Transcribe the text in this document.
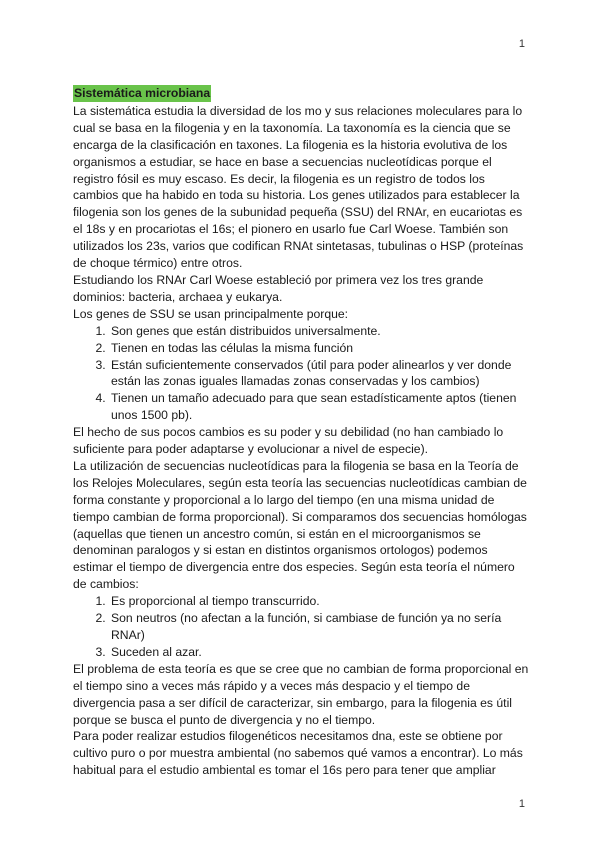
1
Sistemática microbiana

La sistemática estudia la diversidad de los mo y sus relaciones moleculares para lo cual se basa en la filogenia y en la taxonomía. La taxonomía es la ciencia que se encarga de la clasificación en taxones. La filogenia es la historia evolutiva de los organismos a estudiar, se hace en base a secuencias nucleotídicas porque el registro fósil es muy escaso. Es decir, la filogenia es un registro de todos los cambios que ha habido en toda su historia. Los genes utilizados para establecer la filogenia son los genes de la subunidad pequeña (SSU) del RNAr, en eucariotas es el 18s y en procariotas el 16s; el pionero en usarlo fue Carl Woese. También son utilizados los 23s, varios que codifican RNAt sintetasas, tubulinas o HSP (proteínas de choque térmico) entre otros.

Estudiando los RNAr Carl Woese estableció por primera vez los tres grande dominios: bacteria, archaea y eukarya.

Los genes de SSU se usan principalmente porque:

1. Son genes que están distribuidos universalmente.
2. Tienen en todas las células la misma función
3. Están suficientemente conservados (útil para poder alinearlos y ver donde están las zonas iguales llamadas zonas conservadas y los cambios)
4. Tienen un tamaño adecuado para que sean estadísticamente aptos (tienen unos 1500 pb).

El hecho de sus pocos cambios es su poder y su debilidad (no han cambiado lo suficiente para poder adaptarse y evolucionar a nivel de especie).

La utilización de secuencias nucleotídicas para la filogenia se basa en la Teoría de los Relojes Moleculares, según esta teoría las secuencias nucleotídicas cambian de forma constante y proporcional a lo largo del tiempo (en una misma unidad de tiempo cambian de forma proporcional). Si comparamos dos secuencias homólogas (aquellas que tienen un ancestro común, si están en el microorganismos se denominan paralogos y si estan en distintos organismos ortologos) podemos estimar el tiempo de divergencia entre dos especies. Según esta teoría el número de cambios:

1. Es proporcional al tiempo transcurrido.
2. Son neutros (no afectan a la función, si cambiase de función ya no sería RNAr)
3. Suceden al azar.

El problema de esta teoría es que se cree que no cambian de forma proporcional en el tiempo sino a veces más rápido y a veces más despacio y el tiempo de divergencia pasa a ser difícil de caracterizar, sin embargo, para la filogenia es útil porque se busca el punto de divergencia y no el tiempo.

Para poder realizar estudios filogenéticos necesitamos dna, este se obtiene por cultivo puro o por muestra ambiental (no sabemos qué vamos a encontrar). Lo más habitual para el estudio ambiental es tomar el 16s pero para tener que ampliar

1
